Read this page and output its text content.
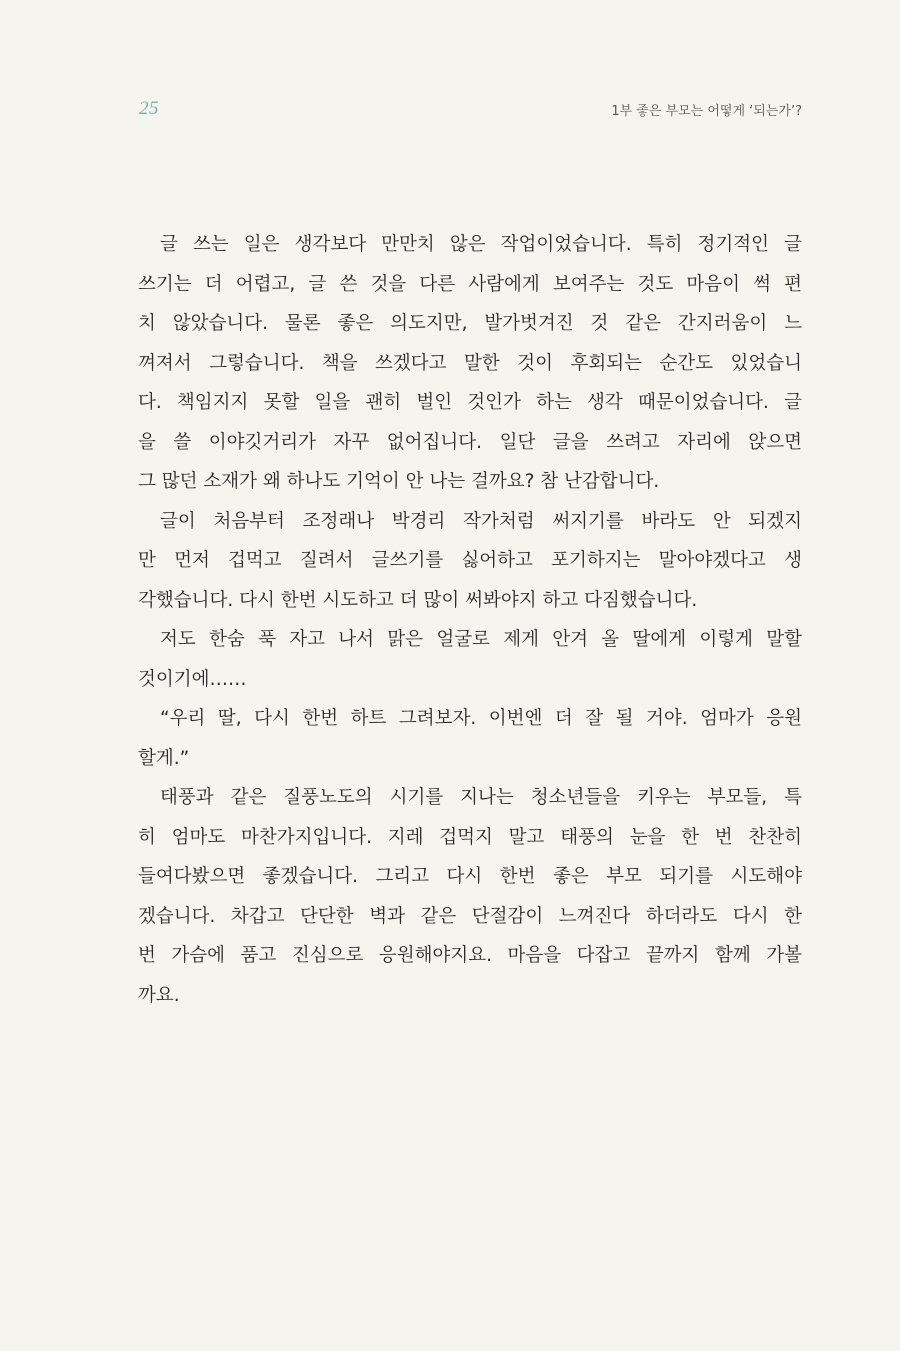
25	1부 좋은 부모는 어떻게 ‘되는가’?

글 쓰는 일은 생각보다 만만치 않은 작업이었습니다. 특히 정기적인 글
쓰기는 더 어렵고, 글 쓴 것을 다른 사람에게 보여주는 것도 마음이 썩 편
치 않았습니다. 물론 좋은 의도지만, 발가벗겨진 것 같은 간지러움이 느
껴져서 그렇습니다. 책을 쓰겠다고 말한 것이 후회되는 순간도 있었습니
다. 책임지지 못할 일을 괜히 벌인 것인가 하는 생각 때문이었습니다. 글
을 쓸 이야깃거리가 자꾸 없어집니다. 일단 글을 쓰려고 자리에 앉으면
그 많던 소재가 왜 하나도 기억이 안 나는 걸까요? 참 난감합니다.

글이 처음부터 조정래나 박경리 작가처럼 써지기를 바라도 안 되겠지
만 먼저 겁먹고 질려서 글쓰기를 싫어하고 포기하지는 말아야겠다고 생
각했습니다. 다시 한번 시도하고 더 많이 써봐야지 하고 다짐했습니다.

저도 한숨 푹 자고 나서 맑은 얼굴로 제게 안겨 올 딸에게 이렇게 말할
것이기에……

“우리 딸, 다시 한번 하트 그려보자. 이번엔 더 잘 될 거야. 엄마가 응원
할게.”

태풍과 같은 질풍노도의 시기를 지나는 청소년들을 키우는 부모들, 특
히 엄마도 마찬가지입니다. 지레 겁먹지 말고 태풍의 눈을 한 번 찬찬히
들여다봤으면 좋겠습니다. 그리고 다시 한번 좋은 부모 되기를 시도해야
겠습니다. 차갑고 단단한 벽과 같은 단절감이 느껴진다 하더라도 다시 한
번 가슴에 품고 진심으로 응원해야지요. 마음을 다잡고 끝까지 함께 가볼
까요.
